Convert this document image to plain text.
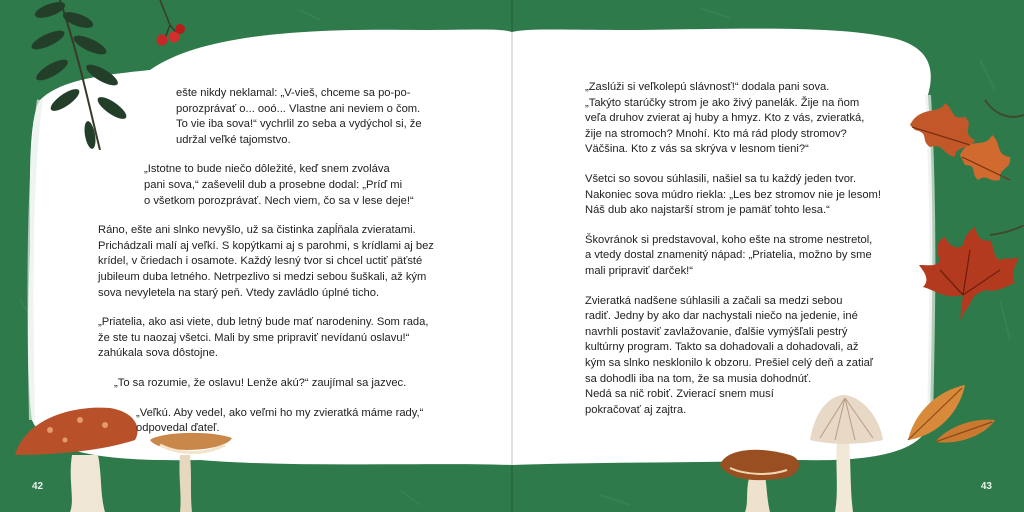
ešte nikdy neklamal: „V-vieš, chceme sa po-po-
porozprávať o... ooó... Vlastne ani neviem o čom.
To vie iba sova!“ vychrlil zo seba a vydýchol si, že
udržal veľké tajomstvo.

„Istotne to bude niečo dôležité, keď snem zvoláva
pani sova,“ zaševelil dub a prosebne dodal: „Príď mi
o všetkom porozprávať. Nech viem, čo sa v lese deje!“

Ráno, ešte ani slnko nevyšlo, už sa čistinka zapĺňala zvieratami.
Prichádzali malí aj veľkí. S kopýtkami aj s parohmi, s krídlami aj bez
krídel, v čriedach i osamote. Každý lesný tvor si chcel uctiť päťsté
jubileum duba letného. Netrpezlivo si medzi sebou šuškali, až kým
sova nevyletela na starý peň. Vtedy zavládlo úplné ticho.

„Priatelia, ako asi viete, dub letný bude mať narodeniny. Som rada,
že ste tu naozaj všetci. Mali by sme pripraviť nevídanú oslavu!“
zahúkala sova dôstojne.

„To sa rozumie, že oslavu! Lenže akú?“ zaujímal sa jazvec.

„Veľkú. Aby vedel, ako veľmi ho my zvieratká máme rady,“
odpovedal ďateľ.

„Zaslúži si veľkolepú slávnosť!“ dodala pani sova.
„Takýto starúčky strom je ako živý panelák. Žije na ňom
veľa druhov zvierat aj huby a hmyz. Kto z vás, zvieratká,
žije na stromoch? Mnohí. Kto má rád plody stromov?
Väčšina. Kto z vás sa skrýva v lesnom tieni?“

Všetci so sovou súhlasili, našiel sa tu každý jeden tvor.
Nakoniec sova múdro riekla: „Les bez stromov nie je lesom!
Náš dub ako najstarší strom je pamäť tohto lesa.“

Škovránok si predstavoval, koho ešte na strome nestretol,
a vtedy dostal znamenitý nápad: „Priatelia, možno by sme
mali pripraviť darček!“

Zvieratká nadšene súhlasili a začali sa medzi sebou
radiť. Jedny by ako dar nachystali niečo na jedenie, iné
navrhli postaviť zavlažovanie, ďalšie vymýšľali pestrý
kultúrny program. Takto sa dohadovali a dohadovali, až
kým sa slnko nesklonilo k obzoru. Prešiel celý deň a zatiaľ
sa dohodli iba na tom, že sa musia dohodnúť.
Nedá sa nič robiť. Zvierací snem musí
pokračovať aj zajtra.

42	43
